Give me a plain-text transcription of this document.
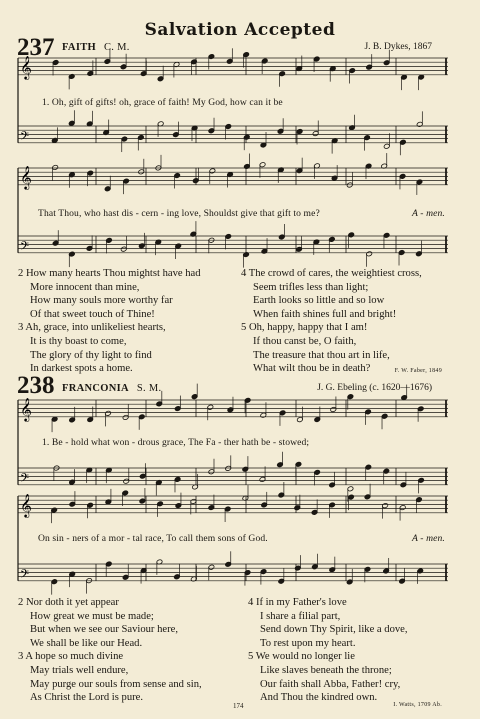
Salvation Accepted
237 FAITH C. M.	J. B. Dykes, 1867
𝄞
𝄢
1. Oh, gift of gifts! oh, grace of faith! My God, how can it be
𝄞
𝄢
That Thou, who hast dis - cern - ing love, Shouldst give that gift to me?	A - men.
2 How many hearts Thou mightst have had
More innocent than mine,
How many souls more worthy far
Of that sweet touch of Thine!
3 Ah, grace, into unlikeliest hearts,
It is thy boast to come,
The glory of thy light to find
In darkest spots a home.
4 The crowd of cares, the weightiest cross,
Seem trifles less than light;
Earth looks so little and so low
When faith shines full and bright!
5 Oh, happy, happy that I am!
If thou canst be, O faith,
The treasure that thou art in life,
What wilt thou be in death?	F. W. Faber, 1849
238 FRANCONIA S. M.	J. G. Ebeling (c. 1620—1676)
𝄞
𝄢
1. Be - hold what won - drous grace, The Fa - ther hath be - stowed;
𝄞
𝄢
On sin - ners of a mor - tal race, To call them sons of God.	A - men.
2 Nor doth it yet appear
How great we must be made;
But when we see our Saviour here,
We shall be like our Head.
3 A hope so much divine
May trials well endure,
May purge our souls from sense and sin,
As Christ the Lord is pure.
4 If in my Father's love
I share a filial part,
Send down Thy Spirit, like a dove,
To rest upon my heart.
5 We would no longer lie
Like slaves beneath the throne;
Our faith shall Abba, Father! cry,
And Thou the kindred own.
174	I. Watts, 1709 Ab.
